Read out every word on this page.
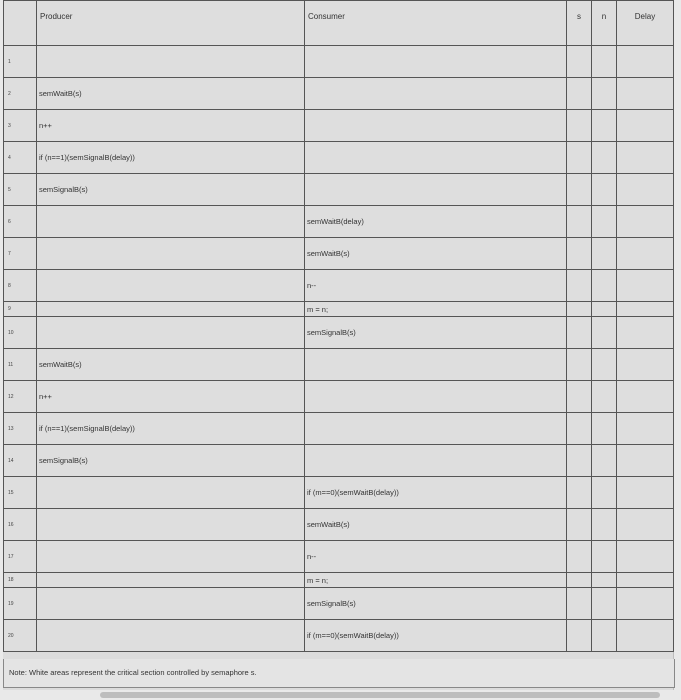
	Producer	Consumer	s	n	Delay
1					
2	semWaitB(s)				
3	n++				
4	if (n==1)(semSignalB(delay))				
5	semSignalB(s)				
6		semWaitB(delay)			
7		semWaitB(s)			
8		n--			
9		m = n;			
10		semSignalB(s)			
11	semWaitB(s)				
12	n++				
13	if (n==1)(semSignalB(delay))				
14	semSignalB(s)				
15		if (m==0)(semWaitB(delay))			
16		semWaitB(s)			
17		n--			
18		m = n;			
19		semSignalB(s)			
20		if (m==0)(semWaitB(delay))			
Note: White areas represent the critical section controlled by semaphore s.
